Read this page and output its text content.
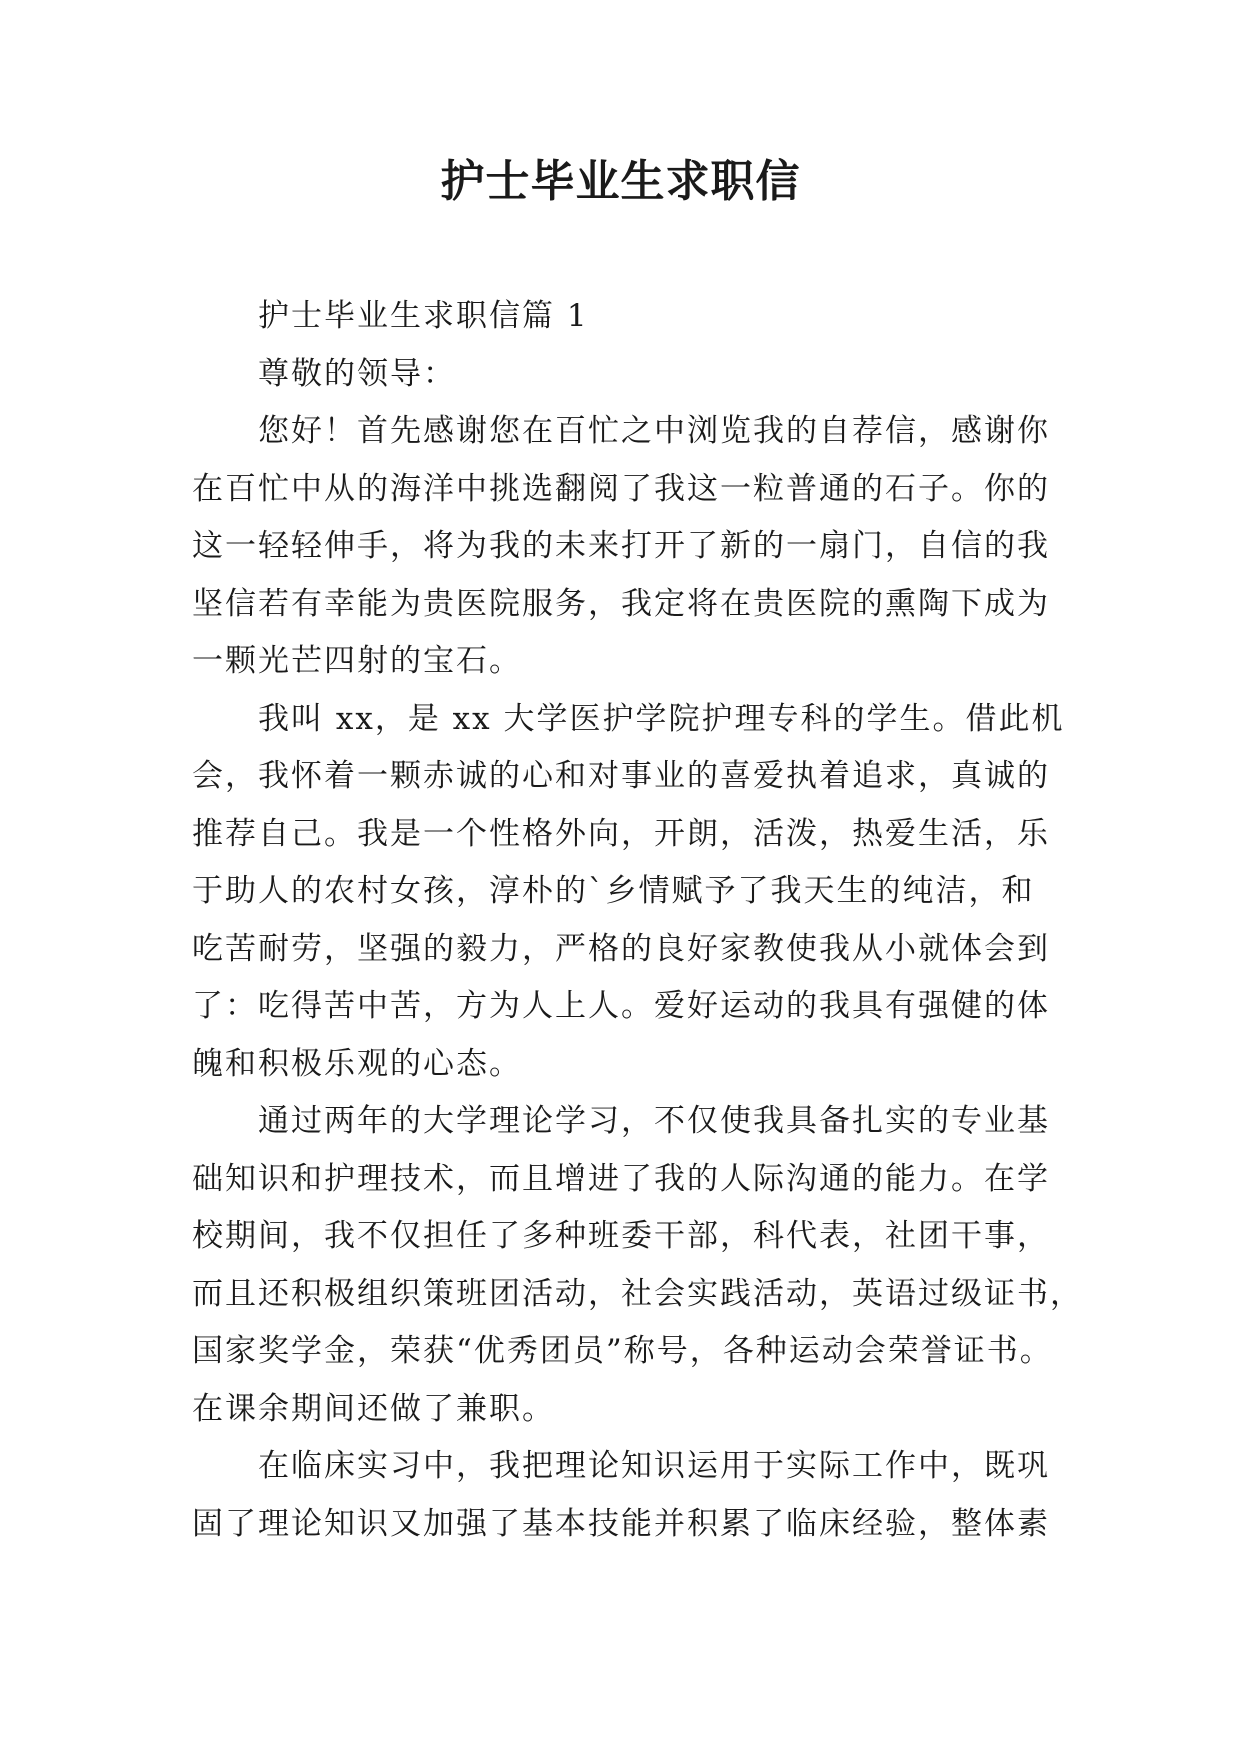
护士毕业生求职信
护士毕业生求职信篇 1
尊敬的领导：
您好！首先感谢您在百忙之中浏览我的自荐信，感谢你
在百忙中从的海洋中挑选翻阅了我这一粒普通的石子。你的
这一轻轻伸手，将为我的未来打开了新的一扇门，自信的我
坚信若有幸能为贵医院服务，我定将在贵医院的熏陶下成为
一颗光芒四射的宝石。
我叫 xx，是 xx 大学医护学院护理专科的学生。借此机
会，我怀着一颗赤诚的心和对事业的喜爱执着追求，真诚的
推荐自己。我是一个性格外向，开朗，活泼，热爱生活，乐
于助人的农村女孩，淳朴的`乡情赋予了我天生的纯洁，和
吃苦耐劳，坚强的毅力，严格的良好家教使我从小就体会到
了：吃得苦中苦，方为人上人。爱好运动的我具有强健的体
魄和积极乐观的心态。
通过两年的大学理论学习，不仅使我具备扎实的专业基
础知识和护理技术，而且增进了我的人际沟通的能力。在学
校期间，我不仅担任了多种班委干部，科代表，社团干事，
而且还积极组织策班团活动，社会实践活动，英语过级证书，
国家奖学金，荣获“优秀团员”称号，各种运动会荣誉证书。
在课余期间还做了兼职。
在临床实习中，我把理论知识运用于实际工作中，既巩
固了理论知识又加强了基本技能并积累了临床经验，整体素
